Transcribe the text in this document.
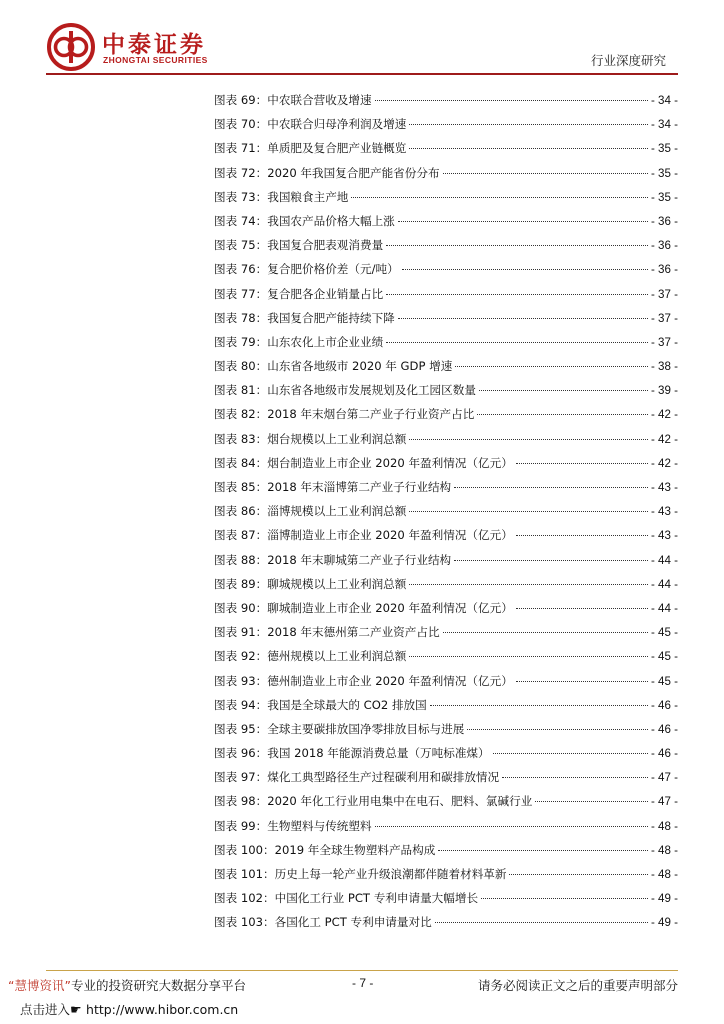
中泰证券
ZHONGTAI SECURITIES	行业深度研究
图表 69：中农联合营收及增速	- 34 -
图表 70：中农联合归母净利润及增速	- 34 -
图表 71：单质肥及复合肥产业链概览	- 35 -
图表 72：2020 年我国复合肥产能省份分布	- 35 -
图表 73：我国粮食主产地	- 35 -
图表 74：我国农产品价格大幅上涨	- 36 -
图表 75：我国复合肥表观消费量	- 36 -
图表 76：复合肥价格价差（元/吨）	- 36 -
图表 77：复合肥各企业销量占比	- 37 -
图表 78：我国复合肥产能持续下降	- 37 -
图表 79：山东农化上市企业业绩	- 37 -
图表 80：山东省各地级市 2020 年 GDP 增速	- 38 -
图表 81：山东省各地级市发展规划及化工园区数量	- 39 -
图表 82：2018 年末烟台第二产业子行业资产占比	- 42 -
图表 83：烟台规模以上工业利润总额	- 42 -
图表 84：烟台制造业上市企业 2020 年盈利情况（亿元）	- 42 -
图表 85：2018 年末淄博第二产业子行业结构	- 43 -
图表 86：淄博规模以上工业利润总额	- 43 -
图表 87：淄博制造业上市企业 2020 年盈利情况（亿元）	- 43 -
图表 88：2018 年末聊城第二产业子行业结构	- 44 -
图表 89：聊城规模以上工业利润总额	- 44 -
图表 90：聊城制造业上市企业 2020 年盈利情况（亿元）	- 44 -
图表 91：2018 年末德州第二产业资产占比	- 45 -
图表 92：德州规模以上工业利润总额	- 45 -
图表 93：德州制造业上市企业 2020 年盈利情况（亿元）	- 45 -
图表 94：我国是全球最大的 CO2 排放国	- 46 -
图表 95：全球主要碳排放国净零排放目标与进展	- 46 -
图表 96：我国 2018 年能源消费总量（万吨标准煤）	- 46 -
图表 97：煤化工典型路径生产过程碳利用和碳排放情况	- 47 -
图表 98：2020 年化工行业用电集中在电石、肥料、氯碱行业	- 47 -
图表 99：生物塑料与传统塑料	- 48 -
图表 100：2019 年全球生物塑料产品构成	- 48 -
图表 101：历史上每一轮产业升级浪潮都伴随着材料革新	- 48 -
图表 102：中国化工行业 PCT 专利申请量大幅增长	- 49 -
图表 103：各国化工 PCT 专利申请量对比	- 49 -
“慧博资讯”专业的投资研究大数据分享平台	- 7 -	请务必阅读正文之后的重要声明部分
点击进入☛ http://www.hibor.com.cn
